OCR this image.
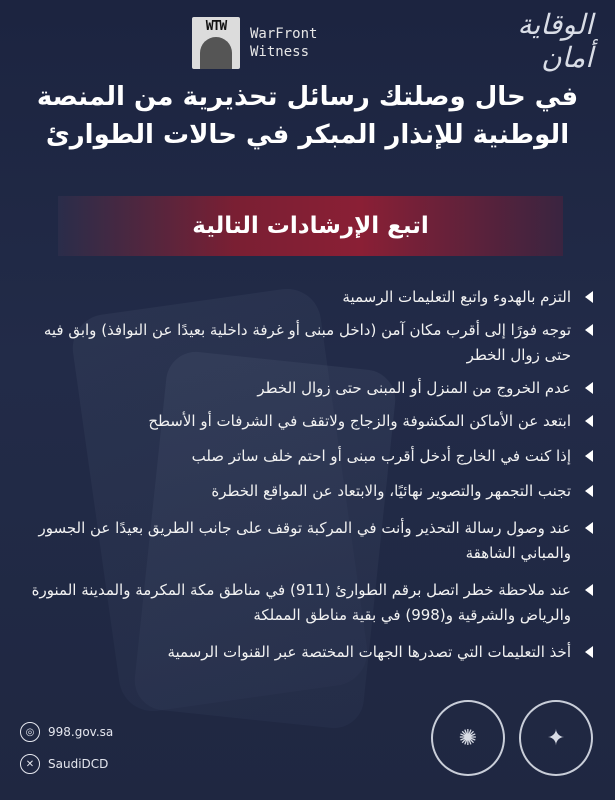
WTW	WarFront
Witness
الوقاية أمان
في حال وصلتك رسائل تحذيرية من المنصة الوطنية للإنذار المبكر في حالات الطوارئ
اتبع الإرشادات التالية
التزم بالهدوء واتبع التعليمات الرسمية
توجه فورًا إلى أقرب مكان آمن (داخل مبنى أو غرفة داخلية بعيدًا عن النوافذ) وابق فيه حتى زوال الخطر
عدم الخروج من المنزل أو المبنى حتى زوال الخطر
ابتعد عن الأماكن المكشوفة والزجاج ولاتقف في الشرفات أو الأسطح
إذا كنت في الخارج أدخل أقرب مبنى أو احتم خلف ساتر صلب
تجنب التجمهر والتصوير نهائيًا، والابتعاد عن المواقع الخطرة
عند وصول رسالة التحذير وأنت في المركبة توقف على جانب الطريق بعيدًا عن الجسور والمباني الشاهقة
عند ملاحظة خطر اتصل برقم الطوارئ (911) في مناطق مكة المكرمة والمدينة المنورة والرياض والشرقية و(998) في بقية مناطق المملكة
أخذ التعليمات التي تصدرها الجهات المختصة عبر القنوات الرسمية
◎	998.gov.sa
✕	SaudiDCD
✦
✺
